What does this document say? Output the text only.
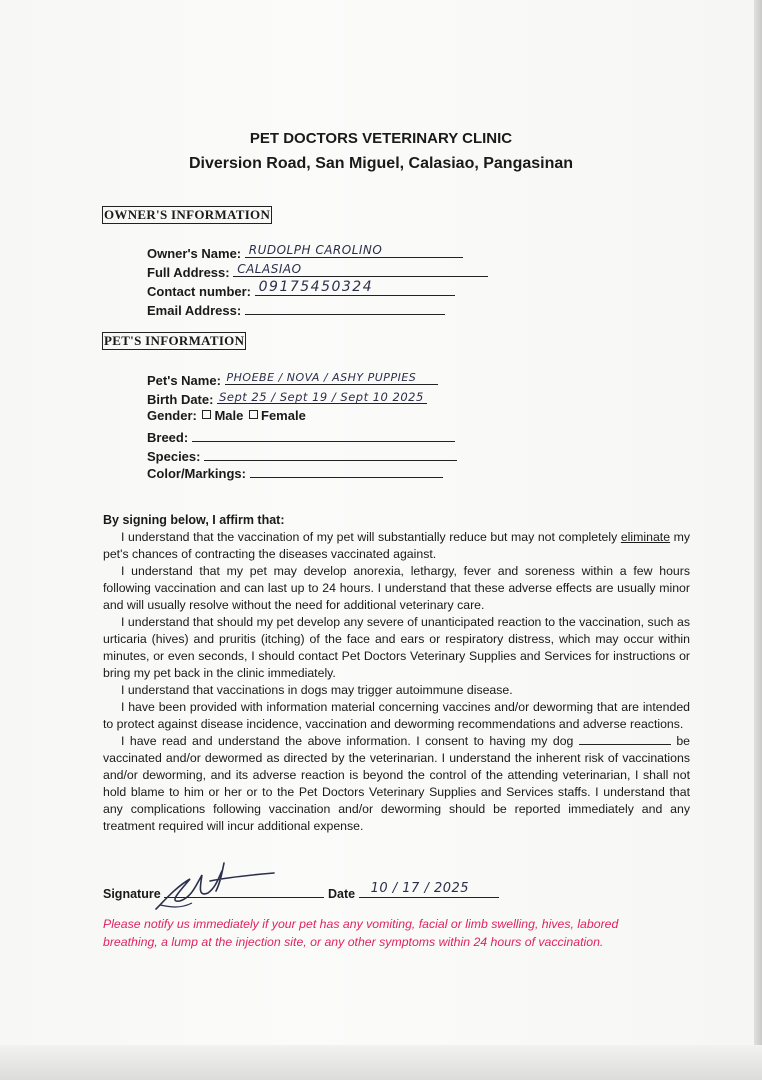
PET DOCTORS VETERINARY CLINIC
Diversion Road, San Miguel, Calasiao, Pangasinan
OWNER'S INFORMATION
Owner's Name: RUDOLPH CAROLINO
Full Address: CALASIAO
Contact number: 09175450324
Email Address:
PET'S INFORMATION
Pet's Name: PHOEBE / NOVA / ASHY PUPPIES
Birth Date: Sept 25 / Sept 19 / Sept 10 2025
Gender: Male Female
Breed:
Species:
Color/Markings:
By signing below, I affirm that:

I understand that the vaccination of my pet will substantially reduce but may not completely eliminate my pet's chances of contracting the diseases vaccinated against.

I understand that my pet may develop anorexia, lethargy, fever and soreness within a few hours following vaccination and can last up to 24 hours. I understand that these adverse effects are usually minor and will usually resolve without the need for additional veterinary care.

I understand that should my pet develop any severe of unanticipated reaction to the vaccination, such as urticaria (hives) and pruritis (itching) of the face and ears or respiratory distress, which may occur within minutes, or even seconds, I should contact Pet Doctors Veterinary Supplies and Services for instructions or bring my pet back in the clinic immediately.

I understand that vaccinations in dogs may trigger autoimmune disease.

I have been provided with information material concerning vaccines and/or deworming that are intended to protect against disease incidence, vaccination and deworming recommendations and adverse reactions.

I have read and understand the above information. I consent to having my dog	be vaccinated and/or dewormed as directed by the veterinarian. I understand the inherent risk of vaccinations and/or deworming, and its adverse reaction is beyond the control of the attending veterinarian, I shall not hold blame to him or her or to the Pet Doctors Veterinary Supplies and Services staffs. I understand that any complications following vaccination and/or deworming should be reported immediately and any treatment required will incur additional expense.

Signature	Date 10 / 17 / 2025
Please notify us immediately if your pet has any vomiting, facial or limb swelling, hives, labored breathing, a lump at the injection site, or any other symptoms within 24 hours of vaccination.
